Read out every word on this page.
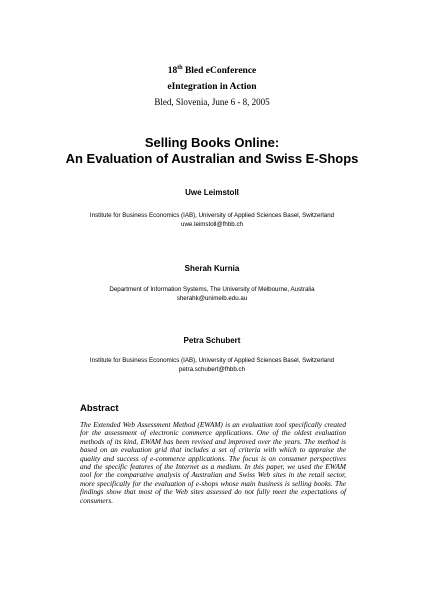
18th Bled eConference
eIntegration in Action
Bled, Slovenia, June 6 - 8, 2005
Selling Books Online:
An Evaluation of Australian and Swiss E-Shops
Uwe Leimstoll
Institute for Business Economics (IAB), University of Applied Sciences Basel, Switzerland
uwe.leimstoll@fhbb.ch
Sherah Kurnia
Department of Information Systems, The University of Melbourne, Australia
sherahk@unimelb.edu.au
Petra Schubert
Institute for Business Economics (IAB), University of Applied Sciences Basel, Switzerland
petra.schubert@fhbb.ch
Abstract
The Extended Web Assessment Method (EWAM) is an evaluation tool specifically created for the assessment of electronic commerce applications. One of the oldest evaluation methods of its kind, EWAM has been revised and improved over the years. The method is based on an evaluation grid that includes a set of criteria with which to appraise the quality and success of e-commerce applications. The focus is on consumer perspectives and the specific features of the Internet as a medium. In this paper, we used the EWAM tool for the comparative analysis of Australian and Swiss Web sites in the retail sector, more specifically for the evaluation of e-shops whose main business is selling books. The findings show that most of the Web sites assessed do not fully meet the expectations of consumers.
